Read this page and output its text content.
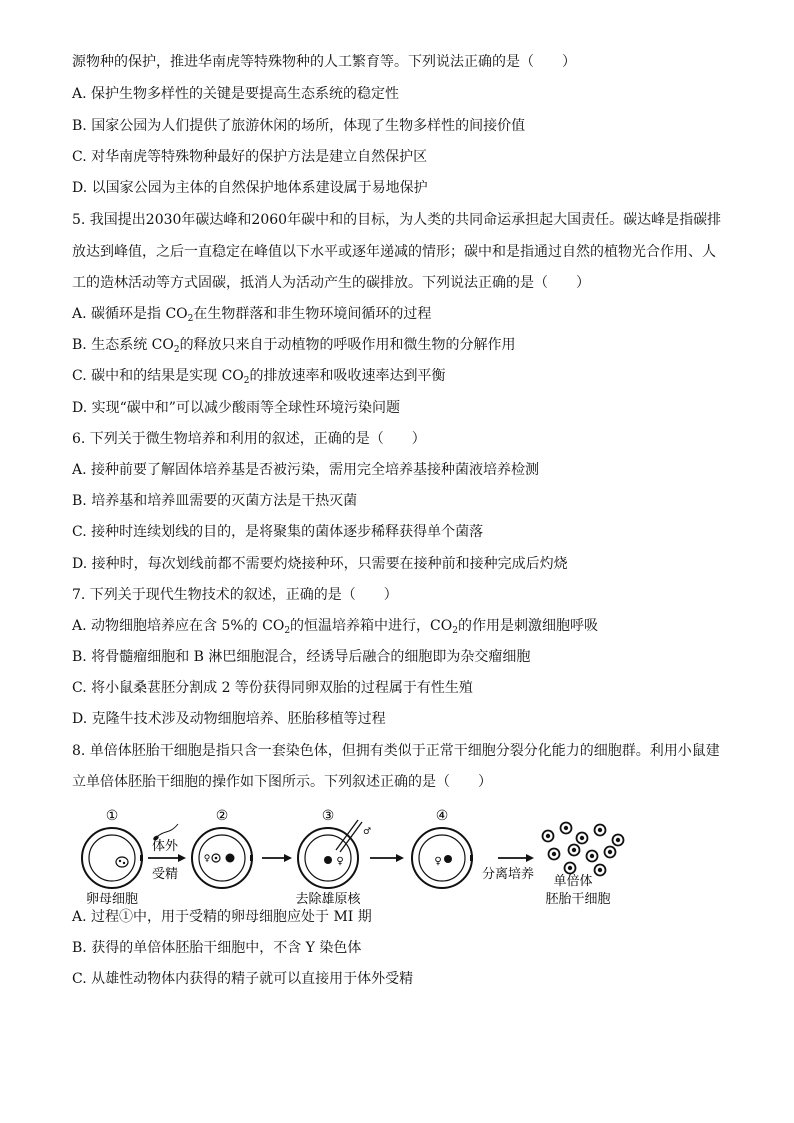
源物种的保护，推进华南虎等特殊物种的人工繁育等。下列说法正确的是（　　）
A. 保护生物多样性的关键是要提高生态系统的稳定性
B. 国家公园为人们提供了旅游休闲的场所，体现了生物多样性的间接价值
C. 对华南虎等特殊物种最好的保护方法是建立自然保护区
D. 以国家公园为主体的自然保护地体系建设属于易地保护
5. 我国提出2030年碳达峰和2060年碳中和的目标，为人类的共同命运承担起大国责任。碳达峰是指碳排
放达到峰值，之后一直稳定在峰值以下水平或逐年递减的情形；碳中和是指通过自然的植物光合作用、人
工的造林活动等方式固碳，抵消人为活动产生的碳排放。下列说法正确的是（　　）
A. 碳循环是指 $CO_2$在生物群落和非生物环境间循环的过程
B. 生态系统 $CO_2$的释放只来自于动植物的呼吸作用和微生物的分解作用
C. 碳中和的结果是实现 $CO_2$的排放速率和吸收速率达到平衡
D. 实现“碳中和”可以减少酸雨等全球性环境污染问题
6. 下列关于微生物培养和利用的叙述，正确的是（　　）
A. 接种前要了解固体培养基是否被污染，需用完全培养基接种菌液培养检测
B. 培养基和培养皿需要的灭菌方法是干热灭菌
C. 接种时连续划线的目的，是将聚集的菌体逐步稀释获得单个菌落
D. 接种时，每次划线前都不需要灼烧接种环，只需要在接种前和接种完成后灼烧
7. 下列关于现代生物技术的叙述，正确的是（　　）
A. 动物细胞培养应在含 5%的 $CO_2$的恒温培养箱中进行，$CO_2$的作用是刺激细胞呼吸
B. 将骨髓瘤细胞和 B 淋巴细胞混合，经诱导后融合的细胞即为杂交瘤细胞
C. 将小鼠桑葚胚分割成 2 等份获得同卵双胎的过程属于有性生殖
D. 克隆牛技术涉及动物细胞培养、胚胎移植等过程
8. 单倍体胚胎干细胞是指只含一套染色体，但拥有类似于正常干细胞分裂分化能力的细胞群。利用小鼠建
立单倍体胚胎干细胞的操作如下图所示。下列叙述正确的是（　　）
A. 过程①中，用于受精的卵母细胞应处于 MI 期
B. 获得的单倍体胚胎干细胞中，不含 Y 染色体
C. 从雄性动物体内获得的精子就可以直接用于体外受精
①	②	③	④
体外
受精
卵母细胞
♀	♀
♂
去除雄原核
♀
分离培养 单倍体
胚胎干细胞
